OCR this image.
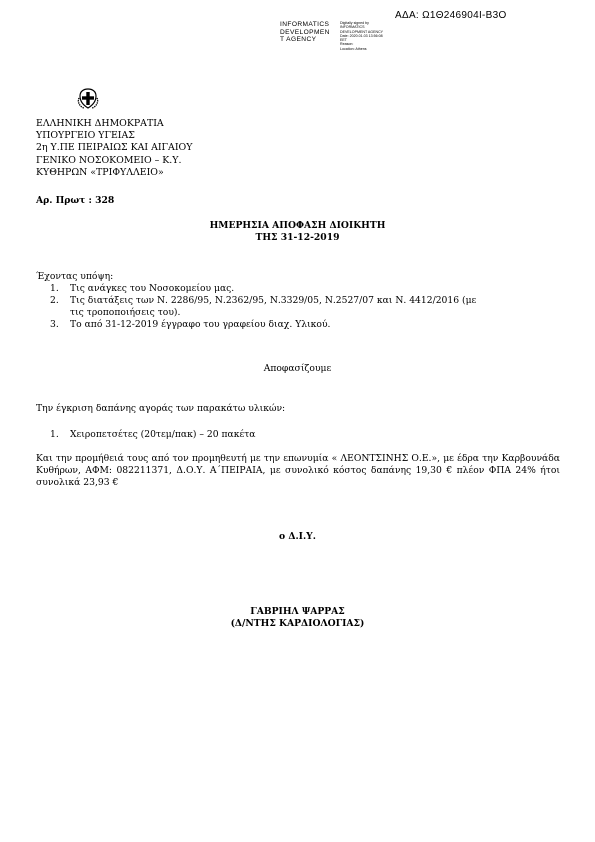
ΑΔΑ: Ω1Θ246904Ι-Β3Ο
INFORMATICS
DEVELOPMEN
T AGENCY
Digitally signed by
INFORMATICS
DEVELOPMENT AGENCY
Date: 2020.01.03 13:56:08
EET
Reason:
Location: Athens
ΕΛΛΗΝΙΚΗ ΔΗΜΟΚΡΑΤΙΑ
ΥΠΟΥΡΓΕΙΟ ΥΓΕΙΑΣ
2η Υ.ΠΕ ΠΕΙΡΑΙΩΣ ΚΑΙ ΑΙΓΑΙΟΥ
ΓΕΝΙΚΟ ΝΟΣΟΚΟΜΕΙΟ – Κ.Υ.
ΚΥΘΗΡΩΝ «ΤΡΙΦΥΛΛΕΙΟ»
Αρ. Πρωτ : 328
ΗΜΕΡΗΣΙΑ ΑΠΟΦΑΣΗ ΔΙΟΙΚΗΤΗ
ΤΗΣ 31-12-2019
Έχοντας υπόψη:
1. Τις ανάγκες του Νοσοκομείου μας.
2. Τις διατάξεις των Ν. 2286/95, Ν.2362/95, Ν.3329/05, Ν.2527/07 και Ν. 4412/2016 (με
τις τροποποιήσεις του).
3. Το από 31-12-2019 έγγραφο του γραφείου διαχ. Υλικού.
Αποφασίζουμε
Την έγκριση δαπάνης αγοράς των παρακάτω υλικών:
1. Χειροπετσέτες (20τεμ/πακ) – 20 πακέτα
Και την προμήθειά τους από τον προμηθευτή με την επωνυμία « ΛΕΟΝΤΣΙΝΗΣ Ο.Ε.», με έδρα την Καρβουνάδα Κυθήρων, ΑΦΜ: 082211371, Δ.Ο.Υ. Α΄ΠΕΙΡΑΙΑ, με συνολικό κόστος δαπάνης 19,30 € πλέον ΦΠΑ 24% ήτοι συνολικά 23,93 €
ο Δ.Ι.Υ.
ΓΑΒΡΙΗΛ ΨΑΡΡΑΣ
(Δ/ΝΤΗΣ ΚΑΡΔΙΟΛΟΓΙΑΣ)
